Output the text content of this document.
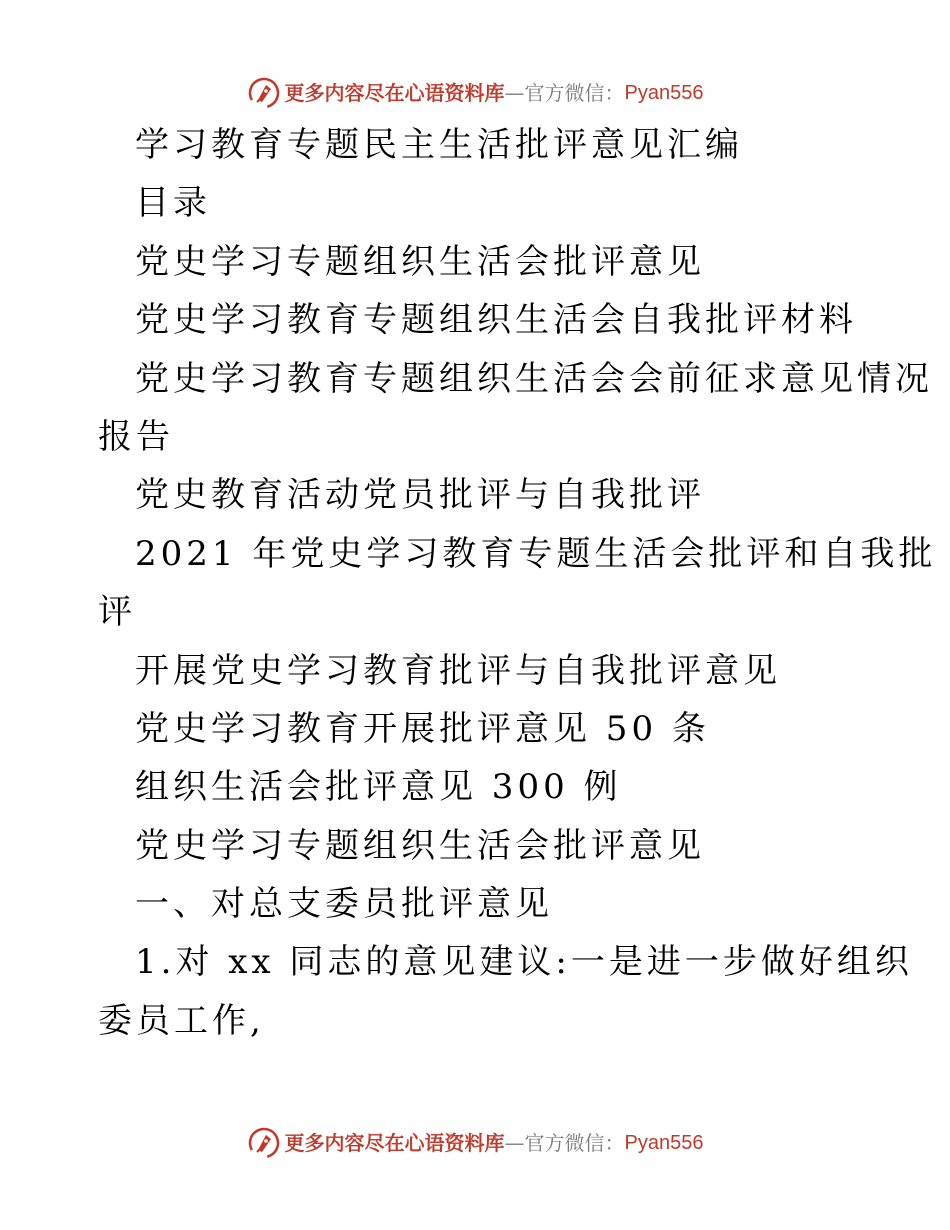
更多内容尽在心语资料库 — 官方微信： Pyan556
学习教育专题民主生活批评意见汇编
目录
党史学习专题组织生活会批评意见
党史学习教育专题组织生活会自我批评材料
党史学习教育专题组织生活会会前征求意见情况
报告
党史教育活动党员批评与自我批评
2021 年党史学习教育专题生活会批评和自我批
评
开展党史学习教育批评与自我批评意见
党史学习教育开展批评意见 50 条
组织生活会批评意见 300 例
党史学习专题组织生活会批评意见
一、对总支委员批评意见
1.对 xx 同志的意见建议:一是进一步做好组织
委员工作,
更多内容尽在心语资料库 — 官方微信： Pyan556
